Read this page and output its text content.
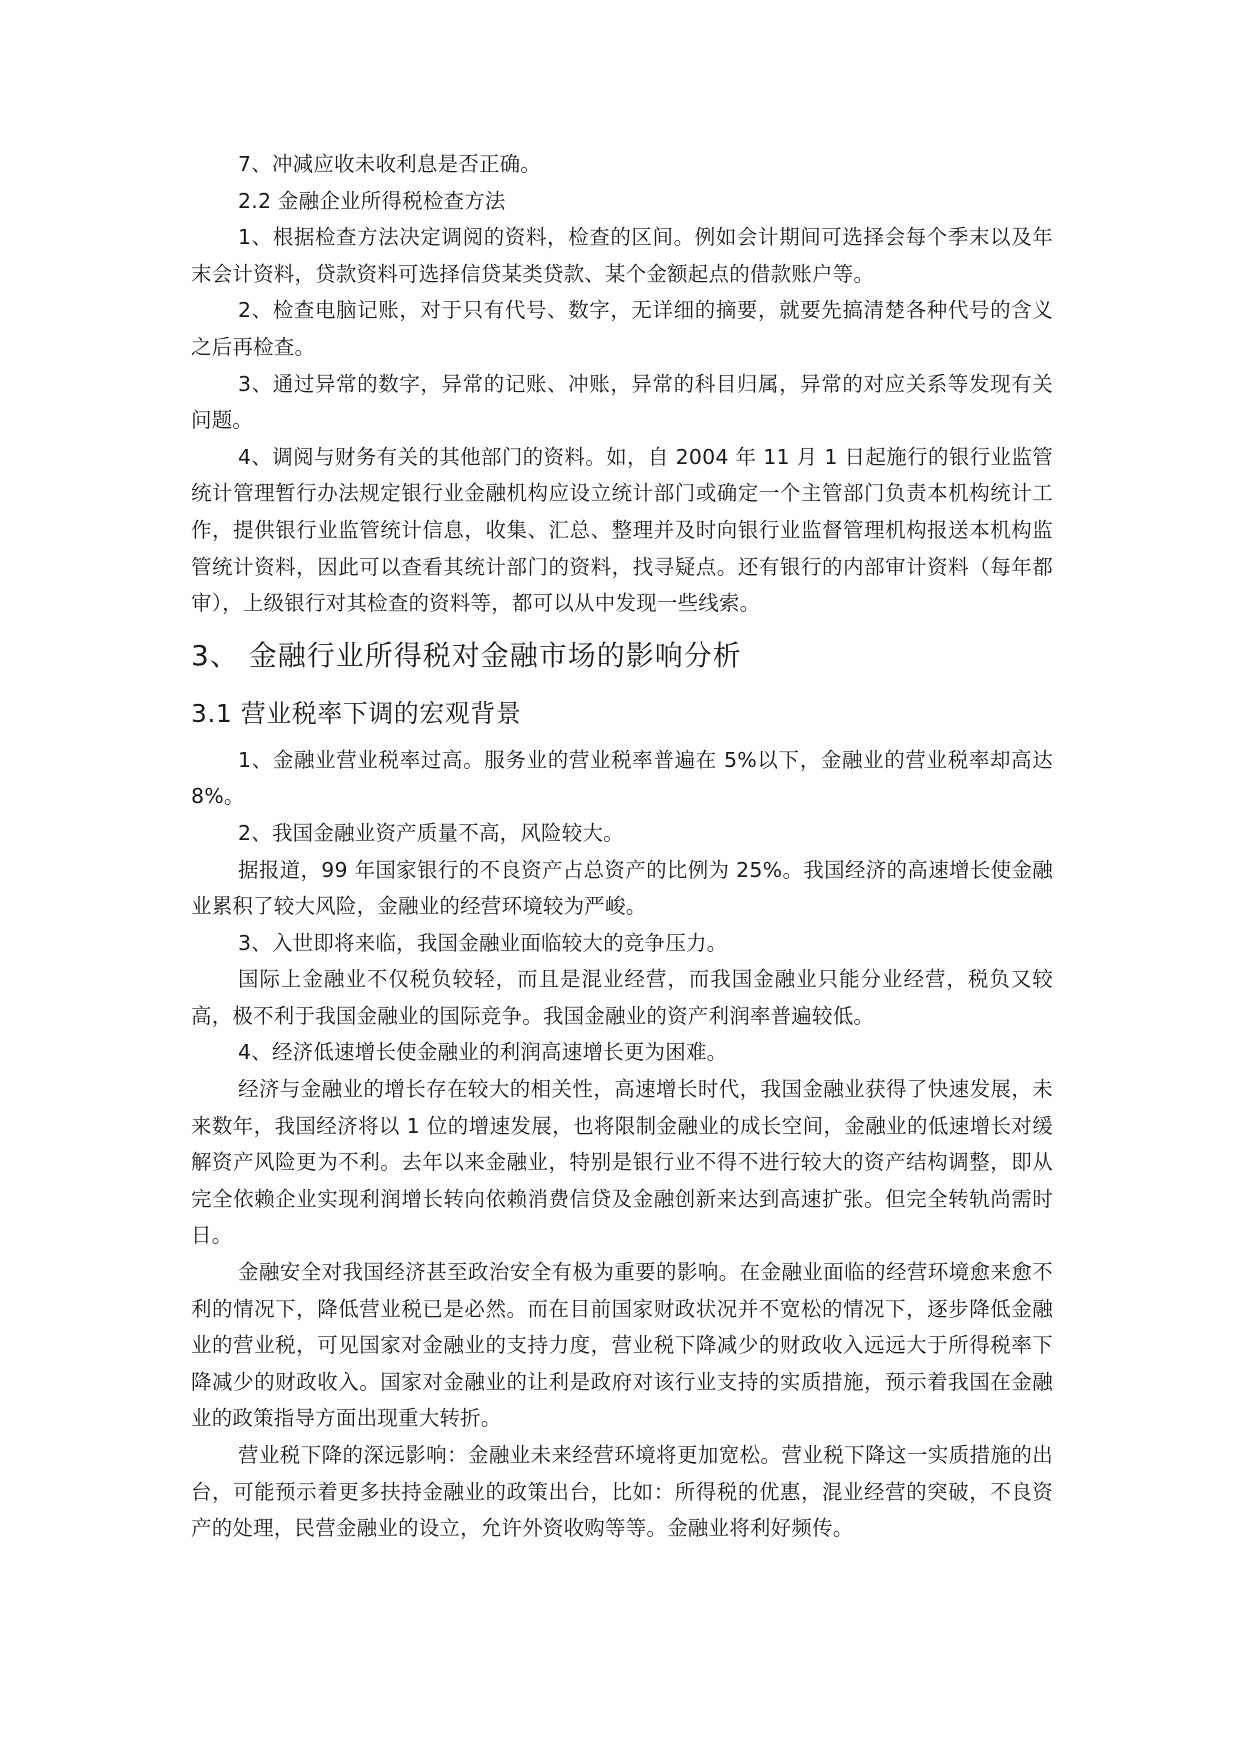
7、冲减应收未收利息是否正确。

2.2 金融企业所得税检查方法

1、根据检查方法决定调阅的资料，检查的区间。例如会计期间可选择会每个季末以及年末会计资料，贷款资料可选择信贷某类贷款、某个金额起点的借款账户等。

2、检查电脑记账，对于只有代号、数字，无详细的摘要，就要先搞清楚各种代号的含义之后再检查。

3、通过异常的数字，异常的记账、冲账，异常的科目归属，异常的对应关系等发现有关问题。

4、调阅与财务有关的其他部门的资料。如，自 2004 年 11 月 1 日起施行的银行业监管统计管理暂行办法规定银行业金融机构应设立统计部门或确定一个主管部门负责本机构统计工作，提供银行业监管统计信息，收集、汇总、整理并及时向银行业监督管理机构报送本机构监管统计资料，因此可以查看其统计部门的资料，找寻疑点。还有银行的内部审计资料（每年都审），上级银行对其检查的资料等，都可以从中发现一些线索。

3、 金融行业所得税对金融市场的影响分析
3.1 营业税率下调的宏观背景

1、金融业营业税率过高。服务业的营业税率普遍在 5%以下，金融业的营业税率却高达 8%。

2、我国金融业资产质量不高，风险较大。

据报道，99 年国家银行的不良资产占总资产的比例为 25%。我国经济的高速增长使金融业累积了较大风险，金融业的经营环境较为严峻。

3、入世即将来临，我国金融业面临较大的竞争压力。

国际上金融业不仅税负较轻，而且是混业经营，而我国金融业只能分业经营，税负又较高，极不利于我国金融业的国际竞争。我国金融业的资产利润率普遍较低。

4、经济低速增长使金融业的利润高速增长更为困难。

经济与金融业的增长存在较大的相关性，高速增长时代，我国金融业获得了快速发展，未来数年，我国经济将以 1 位的增速发展，也将限制金融业的成长空间，金融业的低速增长对缓解资产风险更为不利。去年以来金融业，特别是银行业不得不进行较大的资产结构调整，即从完全依赖企业实现利润增长转向依赖消费信贷及金融创新来达到高速扩张。但完全转轨尚需时日。

金融安全对我国经济甚至政治安全有极为重要的影响。在金融业面临的经营环境愈来愈不利的情况下，降低营业税已是必然。而在目前国家财政状况并不宽松的情况下，逐步降低金融业的营业税，可见国家对金融业的支持力度，营业税下降减少的财政收入远远大于所得税率下降减少的财政收入。国家对金融业的让利是政府对该行业支持的实质措施，预示着我国在金融业的政策指导方面出现重大转折。

营业税下降的深远影响：金融业未来经营环境将更加宽松。营业税下降这一实质措施的出台，可能预示着更多扶持金融业的政策出台，比如：所得税的优惠，混业经营的突破，不良资产的处理，民营金融业的设立，允许外资收购等等。金融业将利好频传。
